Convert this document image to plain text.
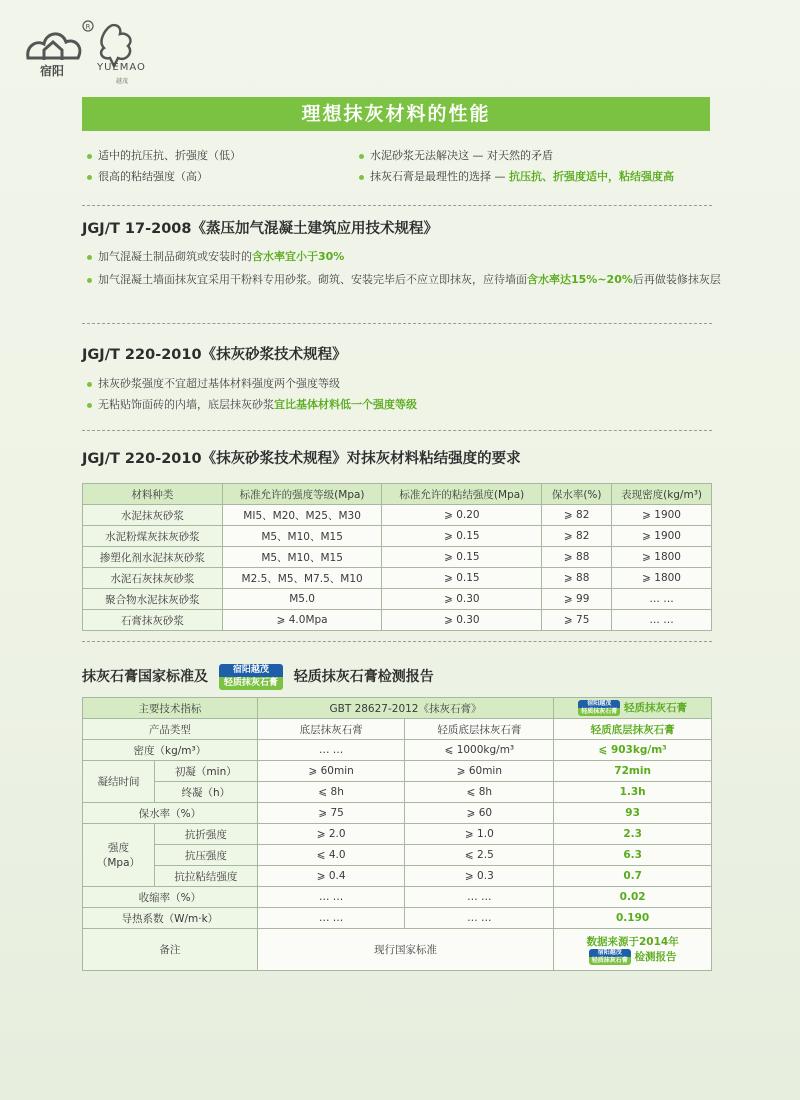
R
宿阳	YUEMAO
越茂
理想抹灰材料的性能
适中的抗压抗、折强度（低）
很高的粘结强度（高）
水泥砂浆无法解决这 — 对天然的矛盾
抹灰石膏是最理性的选择 — 抗压抗、折强度适中，粘结强度高
JGJ/T 17-2008《蒸压加气混凝土建筑应用技术规程》
加气混凝土制品砌筑或安装时的含水率宜小于30%
加气混凝土墙面抹灰宜采用干粉料专用砂浆。砌筑、安装完毕后不应立即抹灰，应待墙面含水率达15%~20%后再做装修抹灰层
JGJ/T 220-2010《抹灰砂浆技术规程》
抹灰砂浆强度不宜超过基体材料强度两个强度等级
无粘贴饰面砖的内墙，底层抹灰砂浆宜比基体材料低一个强度等级
JGJ/T 220-2010《抹灰砂浆技术规程》对抹灰材料粘结强度的要求
材料种类	标准允许的强度等级(Mpa)	标准允许的粘结强度(Mpa)	保水率(%)	表现密度(kg/m³)
水泥抹灰砂浆	MI5、M20、M25、M30	⩾ 0.20	⩾ 82	⩾ 1900
水泥粉煤灰抹灰砂浆	M5、M10、M15	⩾ 0.15	⩾ 82	⩾ 1900
掺塑化剂水泥抹灰砂浆	M5、M10、M15	⩾ 0.15	⩾ 88	⩾ 1800
水泥石灰抹灰砂浆	M2.5、M5、M7.5、M10	⩾ 0.15	⩾ 88	⩾ 1800
聚合物水泥抹灰砂浆	M5.0	⩾ 0.30	⩾ 99	… …
石膏抹灰砂浆	⩾ 4.0Mpa	⩾ 0.30	⩾ 75	… …
抹灰石膏国家标准及	宿阳越茂
轻质抹灰石膏	轻质抹灰石膏检测报告
主要技术指标		GBT 28627-2012《抹灰石膏》		宿阳越茂
轻质抹灰石膏 轻质抹灰石膏
产品类型		底层抹灰石膏	轻质底层抹灰石膏	轻质底层抹灰石膏
密度（kg/m³）		… …	⩽ 1000kg/m³	⩽ 903kg/m³
凝结时间	初凝（min）	⩾ 60min	⩾ 60min	72min
	终凝（h）	⩽ 8h	⩽ 8h	1.3h
保水率（%）		⩾ 75	⩾ 60	93

强度
（Mpa）	抗折强度	⩾ 2.0	⩾ 1.0	2.3
	抗压强度	⩽ 4.0	⩽ 2.5	6.3
	抗拉粘结强度	⩾ 0.4	⩾ 0.3	0.7
收缩率（%）		… …	… …	0.02
导热系数（W/m·k）		… …	… …	0.190
备注		现行国家标准		数据来源于2014年
宿阳越茂
轻质抹灰石膏 检测报告
